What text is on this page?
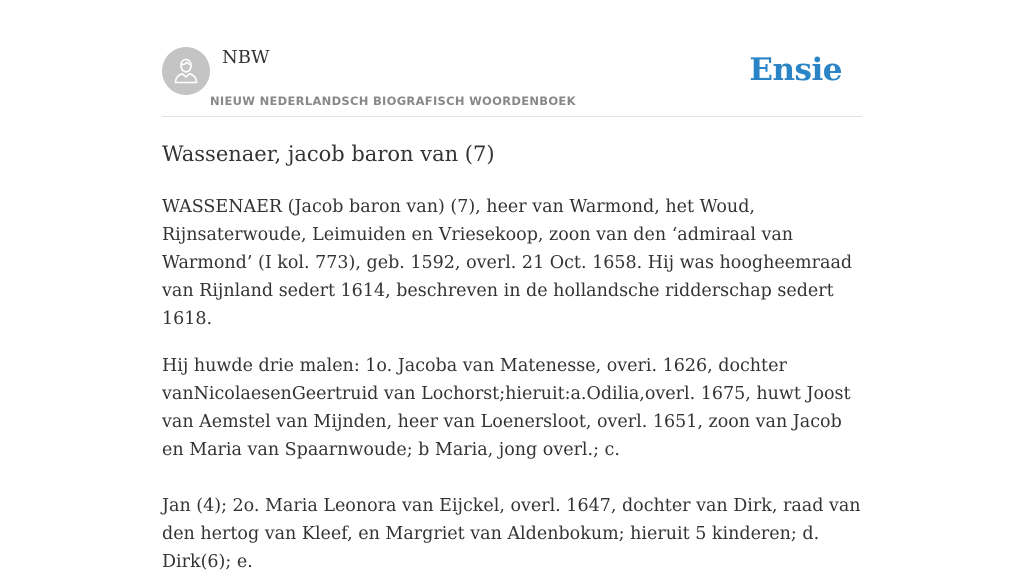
NBW
NIEUW NEDERLANDSCH BIOGRAFISCH WOORDENBOEK
Ensie
Wassenaer, jacob baron van (7)

WASSENAER (Jacob baron van) (7), heer van Warmond, het Woud, Rijnsaterwoude, Leimuiden en Vriesekoop, zoon van den ‘admiraal van Warmond’ (I kol. 773), geb. 1592, overl. 21 Oct. 1658. Hij was hoogheemraad van Rijnland sedert 1614, beschreven in de hollandsche ridderschap sedert 1618.

Hij huwde drie malen: 1o. Jacoba van Matenesse, overi. 1626, dochter vanNicolaesenGeertruid van Lochorst;hieruit:a.Odilia,overl. 1675, huwt Joost van Aemstel van Mijnden, heer van Loenersloot, overl. 1651, zoon van Jacob en Maria van Spaarnwoude; b Maria, jong overl.; c.

Jan (4); 2o. Maria Leonora van Eijckel, overl. 1647, dochter van Dirk, raad van den hertog van Kleef, en Margriet van Aldenbokum; hieruit 5 kinderen; d. Dirk(6); e.
